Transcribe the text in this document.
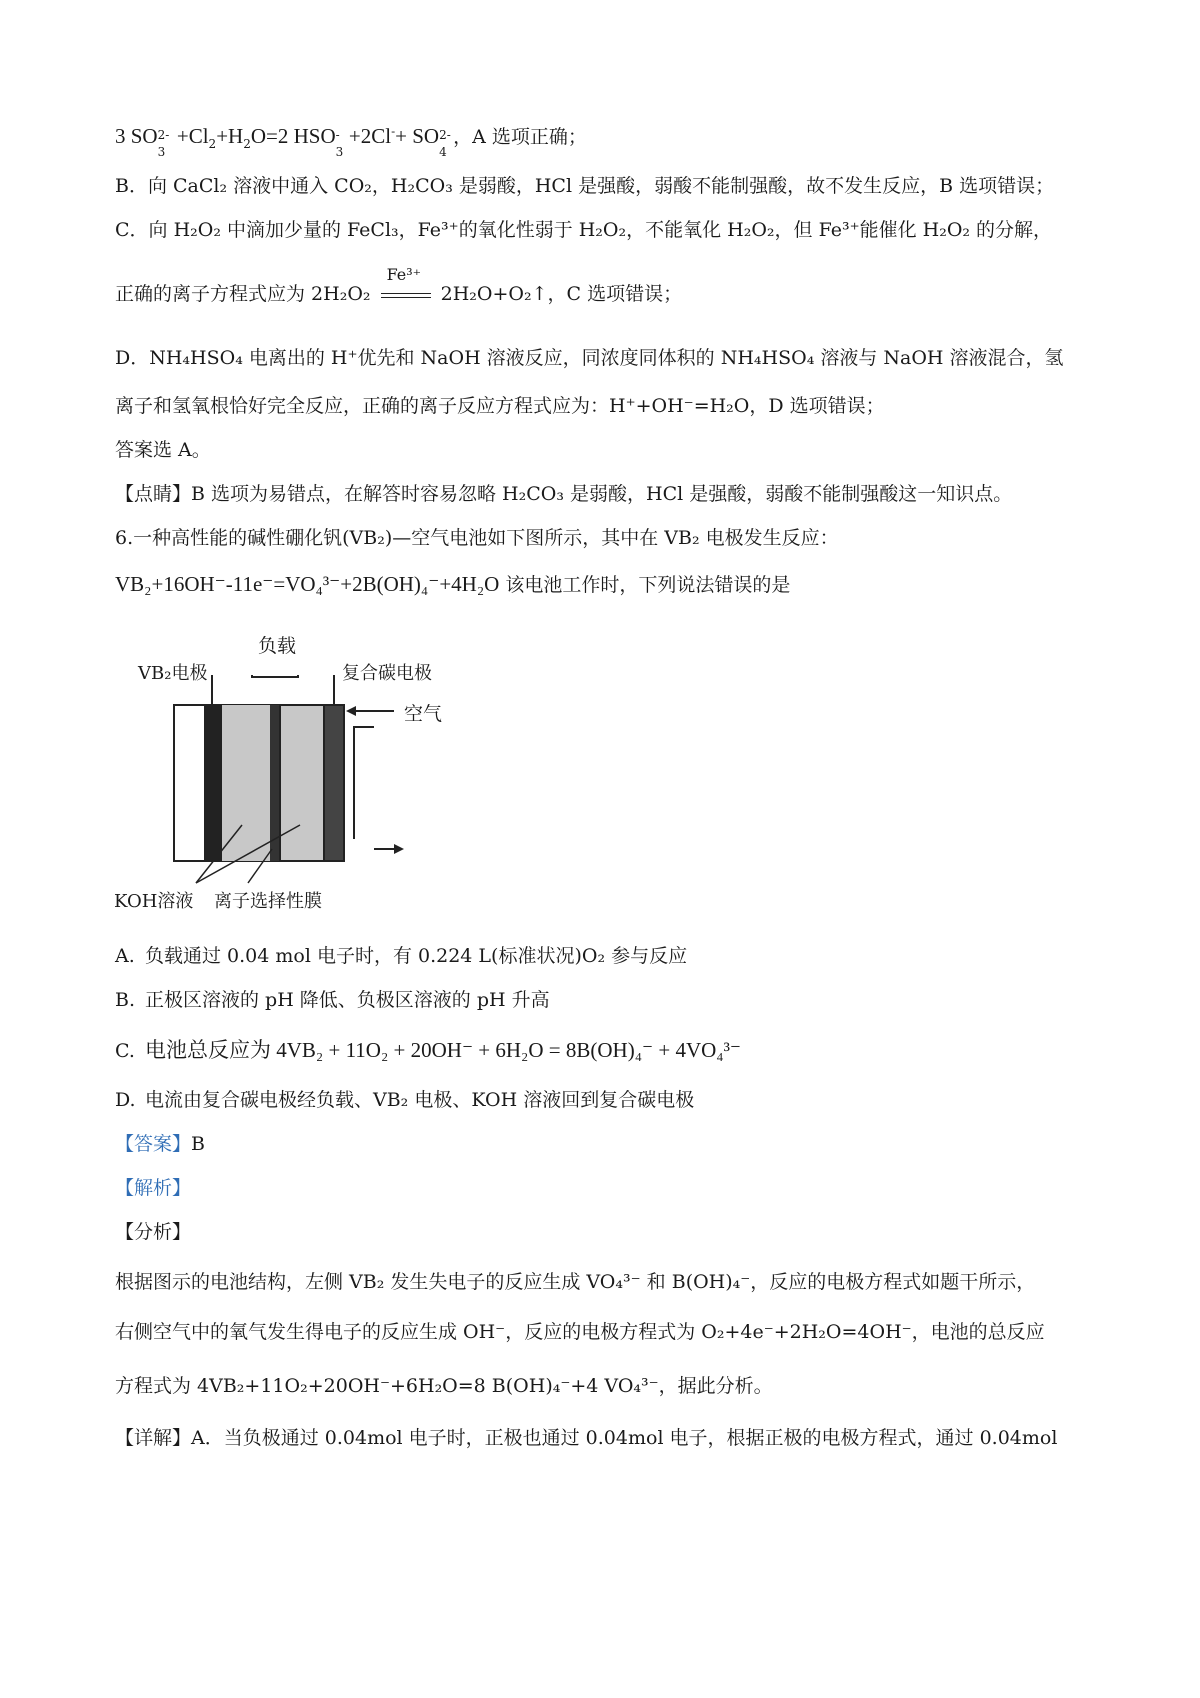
3 SO 2-
3
$+Cl_2+H_2O=2$ HSO -
3
+2Cl-+ SO 2-
4
，A 选项正确；
B．向 CaCl₂ 溶液中通入 CO₂，H₂CO₃ 是弱酸，HCl 是强酸，弱酸不能制强酸，故不发生反应，B 选项错误；
C．向 H₂O₂ 中滴加少量的 FeCl₃，Fe³⁺的氧化性弱于 H₂O₂，不能氧化 H₂O₂，但 Fe³⁺能催化 H₂O₂ 的分解，
正确的离子方程式应为 2H₂O₂
Fe³⁺
2H₂O+O₂↑，C 选项错误；
D．NH₄HSO₄ 电离出的 H⁺优先和 NaOH 溶液反应，同浓度同体积的 NH₄HSO₄ 溶液与 NaOH 溶液混合，氢
离子和氢氧根恰好完全反应，正确的离子反应方程式应为：H⁺+OH⁻=H₂O，D 选项错误；
答案选 A。
【点睛】B 选项为易错点，在解答时容易忽略 H₂CO₃ 是弱酸，HCl 是强酸，弱酸不能制强酸这一知识点。
6.一种高性能的碱性硼化钒(VB₂)—空气电池如下图所示，其中在 VB₂ 电极发生反应：
VB₂+16OH⁻-11e⁻=VO₄³⁻+2B(OH)₄⁻+4H₂O 该电池工作时，下列说法错误的是
负载
VB₂电极	复合碳电极
空气
KOH溶液 离子选择性膜
A. 负载通过 0.04 mol 电子时，有 0.224 L(标准状况)O₂ 参与反应
B. 正极区溶液的 pH 降低、负极区溶液的 pH 升高
C. 电池总反应为 4VB₂ + 11O₂ + 20OH⁻ + 6H₂O = 8B(OH)₄⁻ + 4VO₄³⁻
D. 电流由复合碳电极经负载、VB₂ 电极、KOH 溶液回到复合碳电极
【答案】B
【解析】
【分析】
根据图示的电池结构，左侧 VB₂ 发生失电子的反应生成 VO₄³⁻ 和 B(OH)₄⁻，反应的电极方程式如题干所示，
右侧空气中的氧气发生得电子的反应生成 OH⁻，反应的电极方程式为 O₂+4e⁻+2H₂O=4OH⁻，电池的总反应
方程式为 4VB₂+11O₂+20OH⁻+6H₂O=8 B(OH)₄⁻+4 VO₄³⁻，据此分析。
【详解】A．当负极通过 0.04mol 电子时，正极也通过 0.04mol 电子，根据正极的电极方程式，通过 0.04mol
